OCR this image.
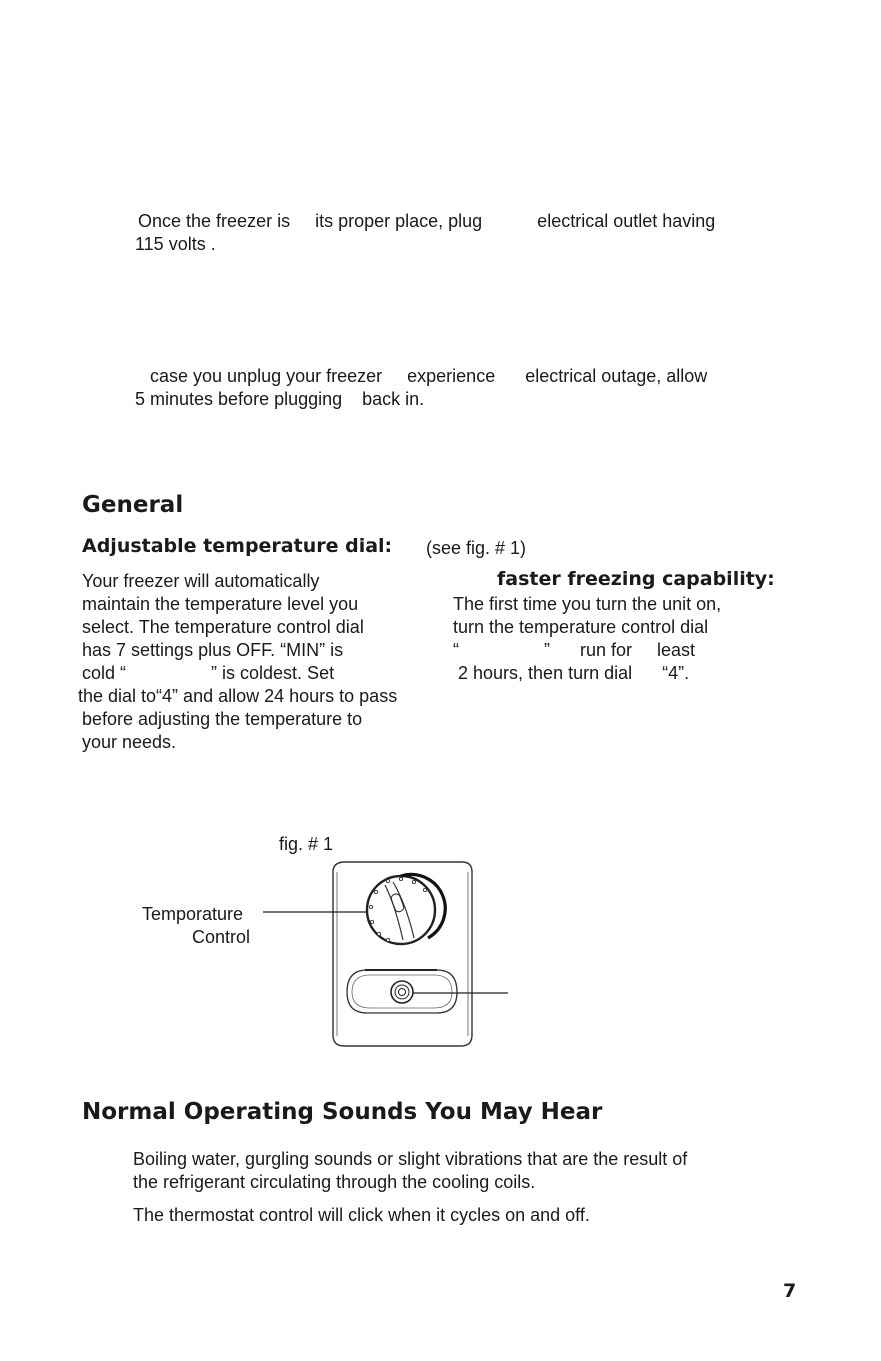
Once the freezer is     its proper place, plug           electrical outlet having
115 volts .
case you unplug your freezer     experience      electrical outage, allow
5 minutes before plugging    back in.
General
Adjustable temperature dial: (see fig. # 1)
Your freezer will automatically
maintain the temperature level you
select. The temperature control dial
has 7 settings plus OFF. “MIN” is
cold “                 ” is coldest. Set
the dial to“4” and allow 24 hours to pass
before adjusting the temperature to
your needs.
faster freezing capability:
The first time you turn the unit on,
turn the temperature control dial
“                 ”      run for     least
2 hours, then turn dial      “4”.
fig. # 1
Temporature
Control
Normal Operating Sounds You May Hear
Boiling water, gurgling sounds or slight vibrations that are the result of
the refrigerant circulating through the cooling coils.
The thermostat control will click when it cycles on and off.
7
